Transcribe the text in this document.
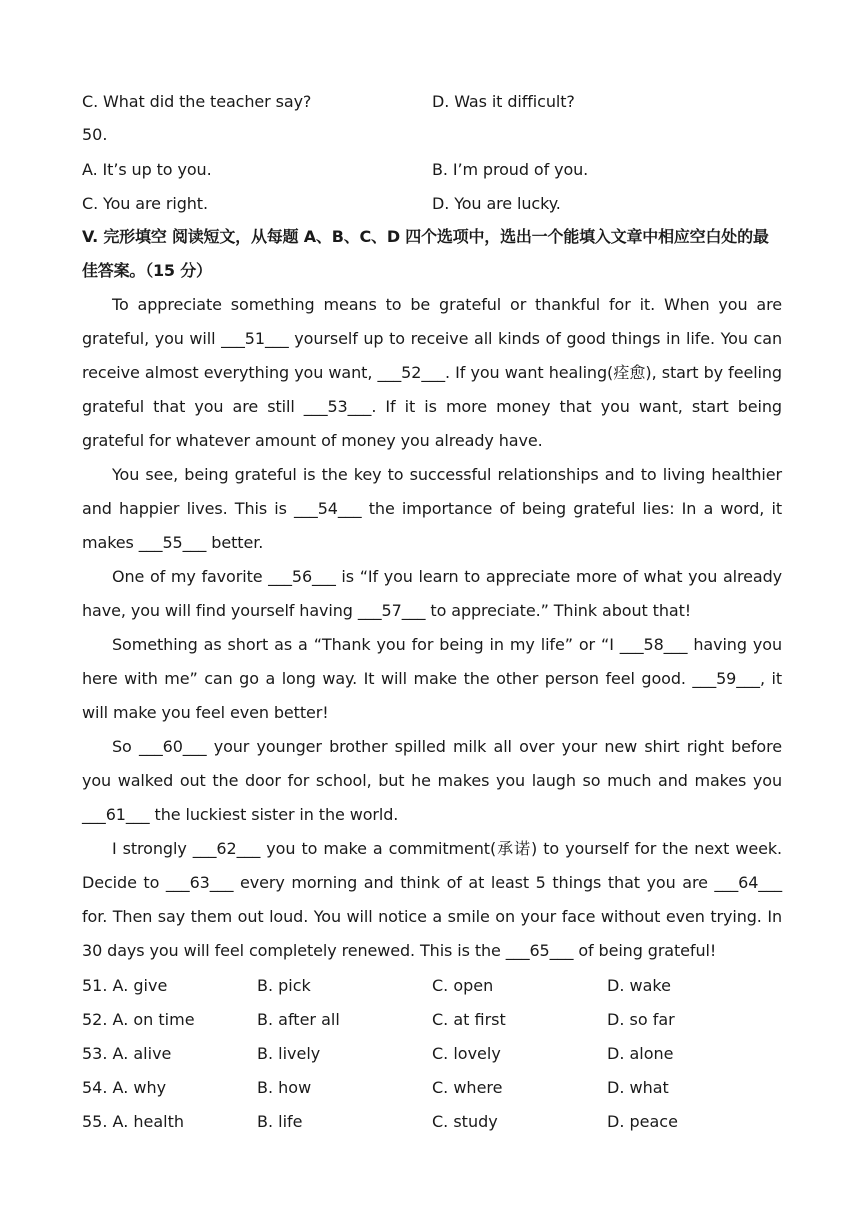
C. What did the teacher say?	D. Was it difficult?
50.
A. It’s up to you.	B. I’m proud of you.
C. You are right.	D. You are lucky.
V. 完形填空 阅读短文，从每题 A、B、C、D 四个选项中，选出一个能填入文章中相应空白处的最佳答案。（15 分）
To appreciate something means to be grateful or thankful for it. When you are grateful, you will ___51___ yourself up to receive all kinds of good things in life. You can receive almost everything you want, ___52___. If you want healing(痊愈), start by feeling grateful that you are still ___53___. If it is more money that you want, start being grateful for whatever amount of money you already have.
You see, being grateful is the key to successful relationships and to living healthier and happier lives. This is ___54___ the importance of being grateful lies: In a word, it makes ___55___ better.
One of my favorite ___56___ is “If you learn to appreciate more of what you already have, you will find yourself having ___57___ to appreciate.” Think about that!
Something as short as a “Thank you for being in my life” or “I ___58___ having you here with me” can go a long way. It will make the other person feel good. ___59___, it will make you feel even better!
So ___60___ your younger brother spilled milk all over your new shirt right before you walked out the door for school, but he makes you laugh so much and makes you ___61___ the luckiest sister in the world.
I strongly ___62___ you to make a commitment(承诺) to yourself for the next week. Decide to ___63___ every morning and think of at least 5 things that you are ___64___ for. Then say them out loud. You will notice a smile on your face without even trying. In 30 days you will feel completely renewed. This is the ___65___ of being grateful!
51. A. give	B. pick	C. open	D. wake
52. A. on time	B. after all	C. at first	D. so far
53. A. alive	B. lively	C. lovely	D. alone
54. A. why	B. how	C. where	D. what
55. A. health	B. life	C. study	D. peace
